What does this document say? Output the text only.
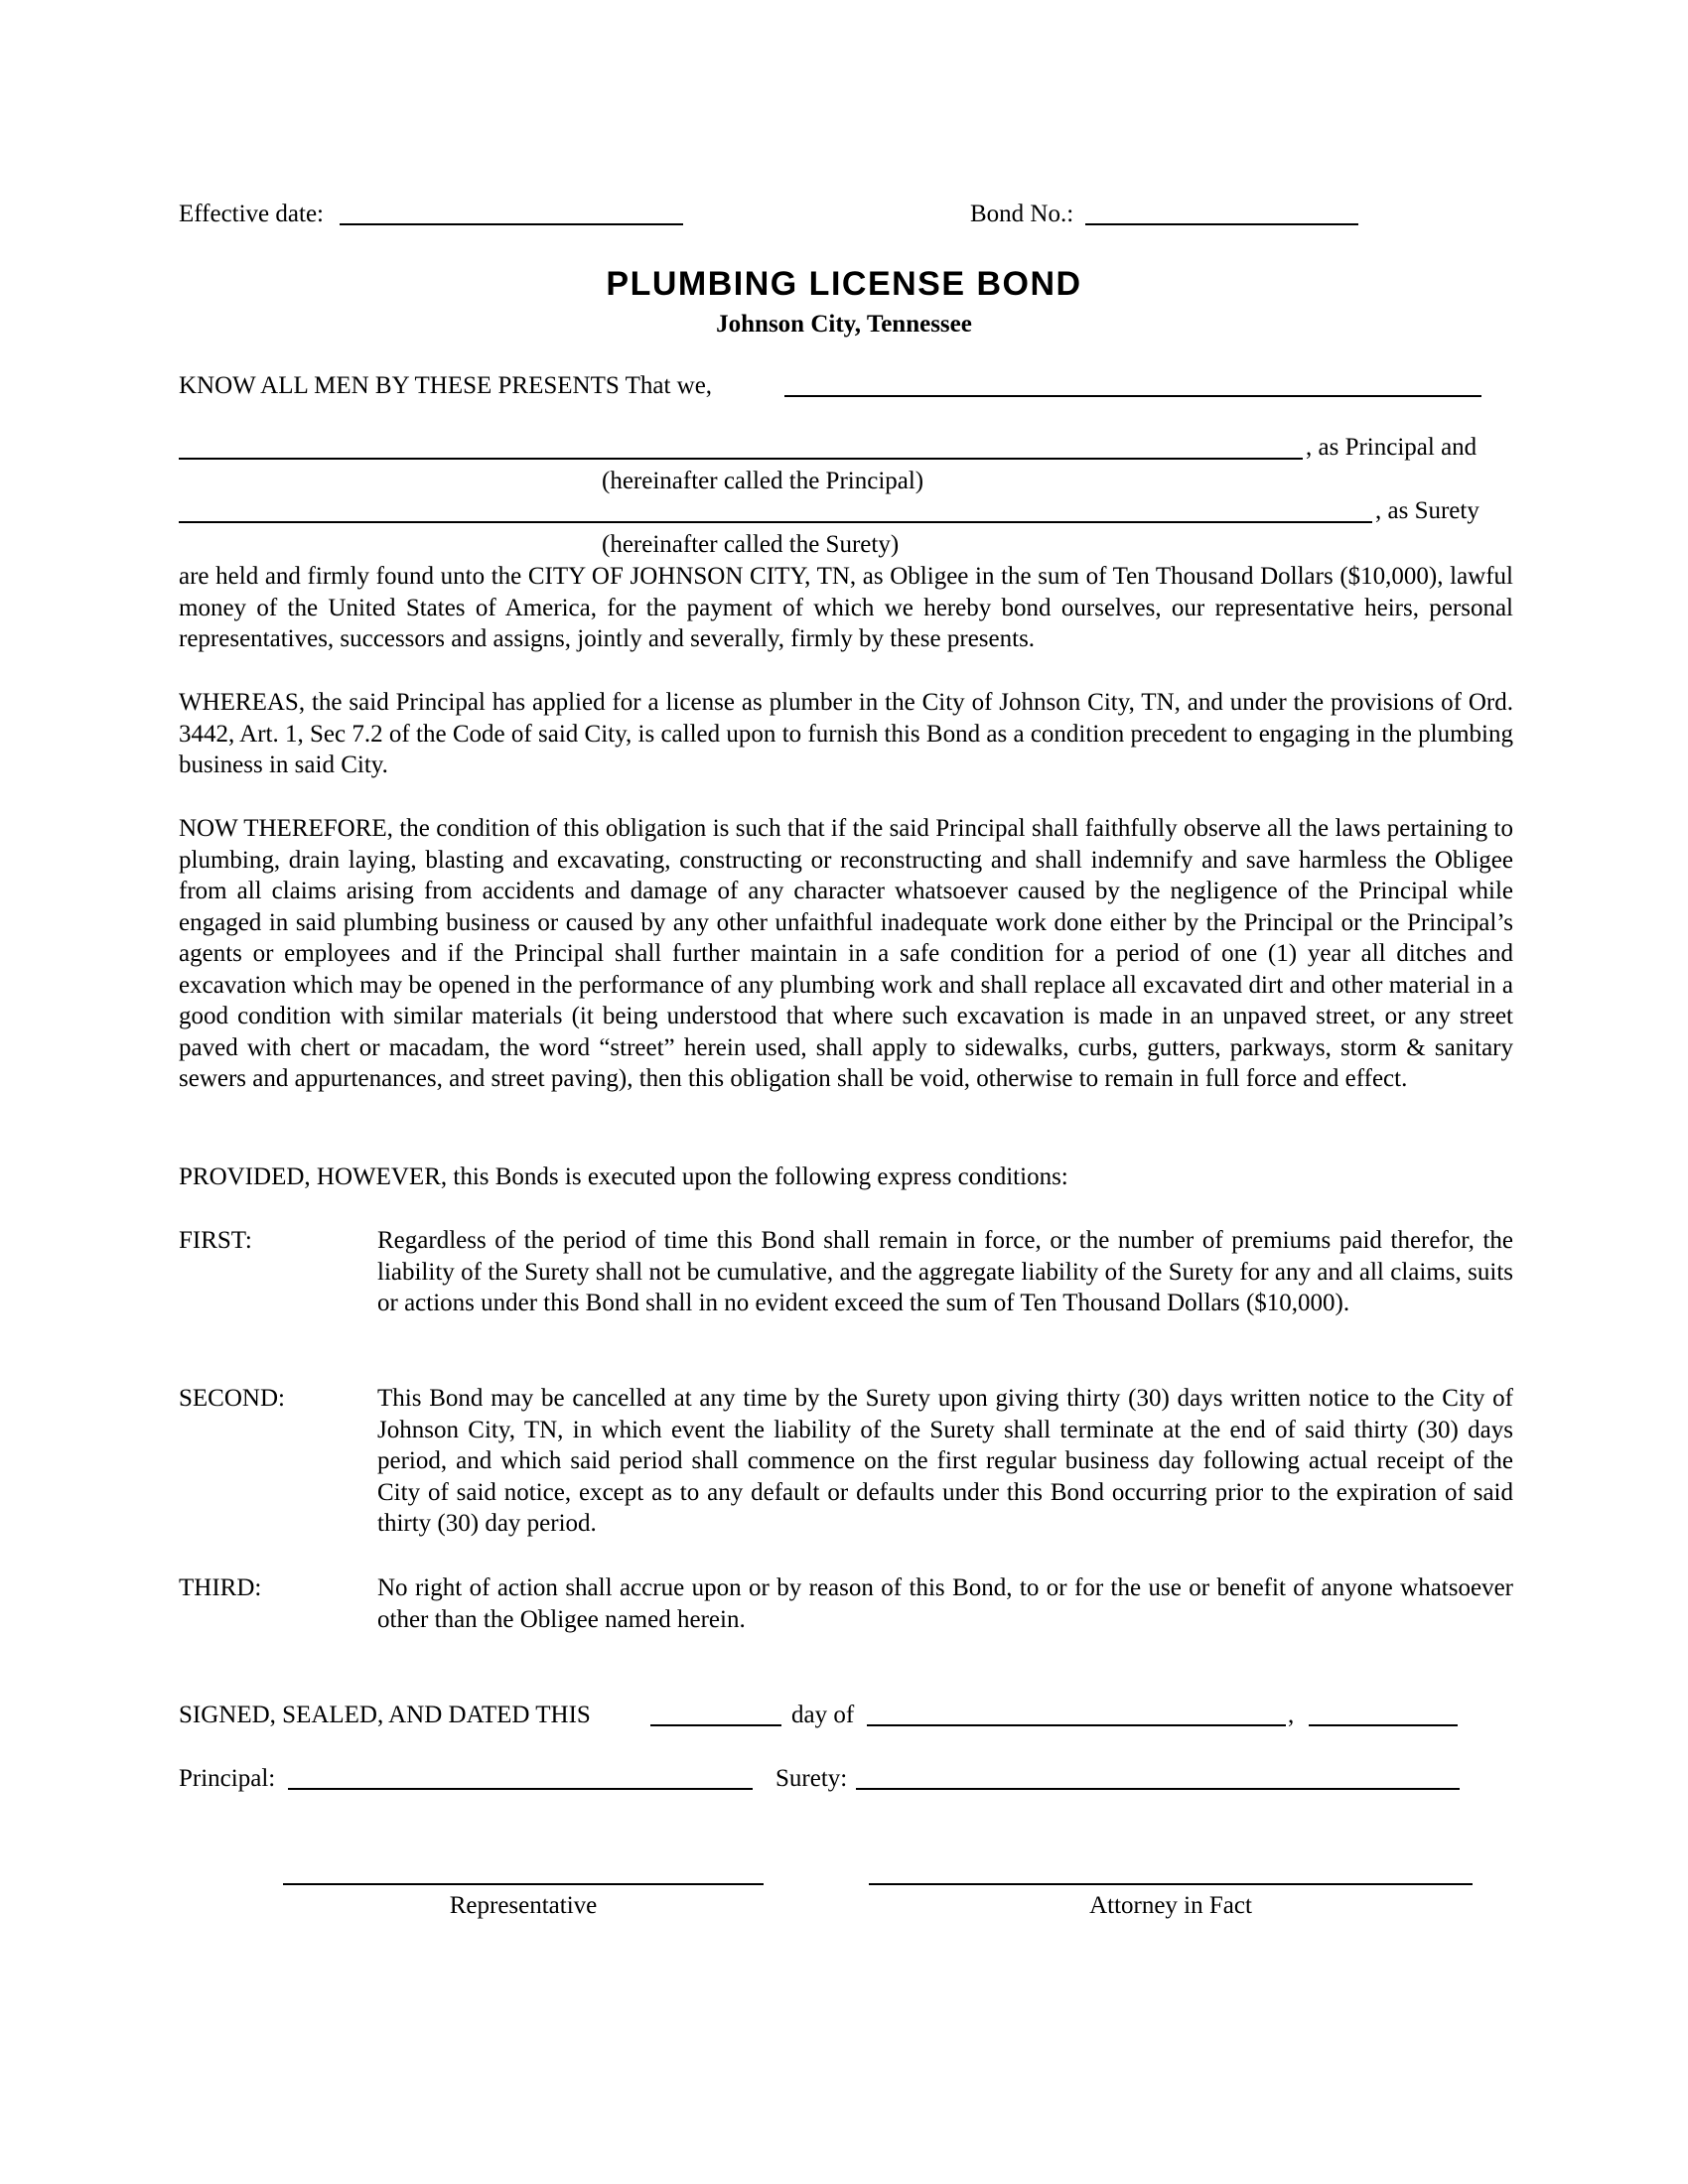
Effective date:	Bond No.:
PLUMBING LICENSE BOND
Johnson City, Tennessee
KNOW ALL MEN BY THESE PRESENTS That we,
, as Principal and
(hereinafter called the Principal)
, as Surety
(hereinafter called the Surety)
are held and firmly found unto the CITY OF JOHNSON CITY, TN, as Obligee in the sum of Ten Thousand Dollars ($10,000), lawful money of the United States of America, for the payment of which we hereby bond ourselves, our representative heirs, personal representatives, successors and assigns, jointly and severally, firmly by these presents.
WHEREAS, the said Principal has applied for a license as plumber in the City of Johnson City, TN, and under the provisions of Ord. 3442, Art. 1, Sec 7.2 of the Code of said City, is called upon to furnish this Bond as a condition precedent to engaging in the plumbing business in said City.
NOW THEREFORE, the condition of this obligation is such that if the said Principal shall faithfully observe all the laws pertaining to plumbing, drain laying, blasting and excavating, constructing or reconstructing and shall indemnify and save harmless the Obligee from all claims arising from accidents and damage of any character whatsoever caused by the negligence of the Principal while engaged in said plumbing business or caused by any other unfaithful inadequate work done either by the Principal or the Principal’s agents or employees and if the Principal shall further maintain in a safe condition for a period of one (1) year all ditches and excavation which may be opened in the performance of any plumbing work and shall replace all excavated dirt and other material in a good condition with similar materials (it being understood that where such excavation is made in an unpaved street, or any street paved with chert or macadam, the word “street” herein used, shall apply to sidewalks, curbs, gutters, parkways, storm & sanitary sewers and appurtenances, and street paving), then this obligation shall be void, otherwise to remain in full force and effect.
PROVIDED, HOWEVER, this Bonds is executed upon the following express conditions:
FIRST:	Regardless of the period of time this Bond shall remain in force, or the number of premiums paid therefor, the liability of the Surety shall not be cumulative, and the aggregate liability of the Surety for any and all claims, suits or actions under this Bond shall in no evident exceed the sum of Ten Thousand Dollars ($10,000).
SECOND:	This Bond may be cancelled at any time by the Surety upon giving thirty (30) days written notice to the City of Johnson City, TN, in which event the liability of the Surety shall terminate at the end of said thirty (30) days period, and which said period shall commence on the first regular business day following actual receipt of the City of said notice, except as to any default or defaults under this Bond occurring prior to the expiration of said thirty (30) day period.
THIRD:	No right of action shall accrue upon or by reason of this Bond, to or for the use or benefit of anyone whatsoever other than the Obligee named herein.
SIGNED, SEALED, AND DATED THIS	day of	,
Principal:	Surety:
Representative	Attorney in Fact
